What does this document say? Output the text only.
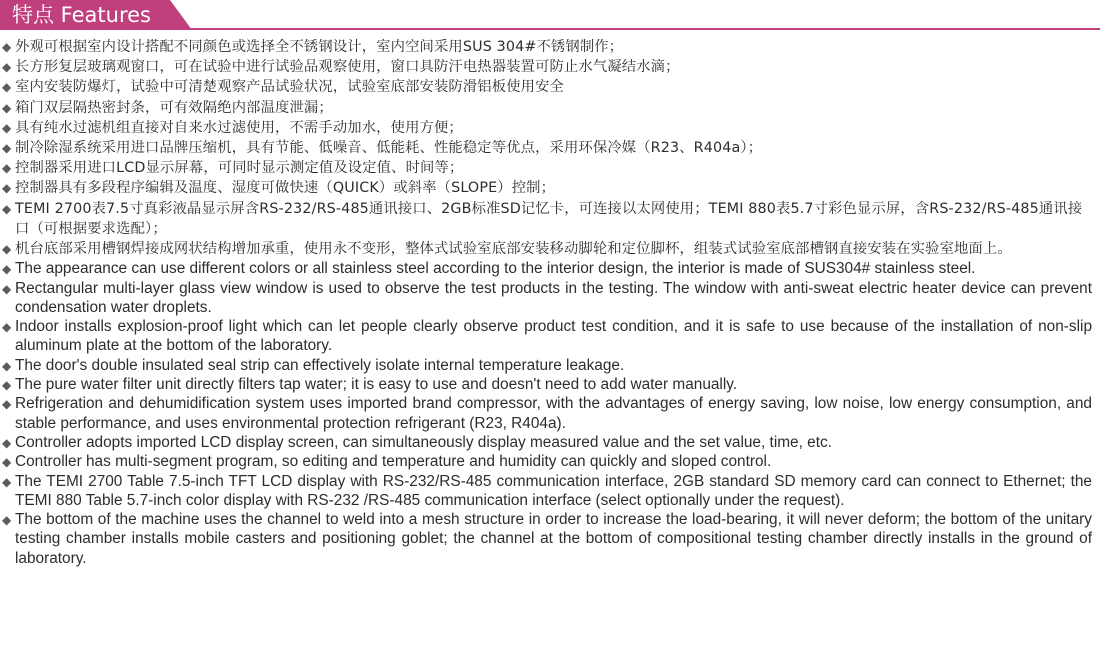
特点 Features
◆ 外观可根据室内设计搭配不同颜色或选择全不锈钢设计，室内空间采用SUS 304#不锈钢制作；
◆ 长方形复层玻璃观窗口，可在试验中进行试验品观察使用，窗口具防汗电热器装置可防止水气凝结水滴；
◆ 室内安装防爆灯，试验中可清楚观察产品试验状况，试验室底部安装防滑铝板使用安全
◆ 箱门双层隔热密封条，可有效隔绝内部温度泄漏；
◆ 具有纯水过滤机组直接对自来水过滤使用，不需手动加水，使用方便；
◆ 制冷除湿系统采用进口品牌压缩机，具有节能、低噪音、低能耗、性能稳定等优点，采用环保冷媒（R23、R404a）；
◆ 控制器采用进口LCD显示屏幕，可同时显示测定值及设定值、时间等；
◆ 控制器具有多段程序编辑及温度、湿度可做快速（QUICK）或斜率（SLOPE）控制；
◆ TEMI 2700表7.5寸真彩液晶显示屏含RS-232/RS-485通讯接口、2GB标准SD记忆卡，可连接以太网使用；TEMI 880表5.7寸彩色显示屏，含RS-232/RS-485通讯接口（可根据要求选配）；
◆ 机台底部采用槽钢焊接成网状结构增加承重，使用永不变形，整体式试验室底部安装移动脚轮和定位脚杯，组装式试验室底部槽钢直接安装在实验室地面上。
◆ The appearance can use different colors or all stainless steel according to the interior design, the interior is made of SUS304# stainless steel.
◆ Rectangular multi-layer glass view window is used to observe the test products in the testing. The window with anti-sweat electric heater device can prevent condensation water droplets.
◆ Indoor installs explosion-proof light which can let people clearly observe product test condition, and it is safe to use because of the installation of non-slip aluminum plate at the bottom of the laboratory.
◆ The door's double insulated seal strip can effectively isolate internal temperature leakage.
◆ The pure water filter unit directly filters tap water; it is easy to use and doesn't need to add water manually.
◆ Refrigeration and dehumidification system uses imported brand compressor, with the advantages of energy saving, low noise, low energy consumption, and stable performance, and uses environmental protection refrigerant (R23, R404a).
◆ Controller adopts imported LCD display screen, can simultaneously display measured value and the set value, time, etc.
◆ Controller has multi-segment program, so editing and temperature and humidity can quickly and sloped control.
◆ The TEMI 2700 Table 7.5-inch TFT LCD display with RS-232/RS-485 communication interface, 2GB standard SD memory card can connect to Ethernet; the TEMI 880 Table 5.7-inch color display with RS-232 /RS-485 communication interface (select optionally under the request).
◆ The bottom of the machine uses the channel to weld into a mesh structure in order to increase the load-bearing, it will never deform; the bottom of the unitary testing chamber installs mobile casters and positioning goblet; the channel at the bottom of compositional testing chamber directly installs in the ground of laboratory.
